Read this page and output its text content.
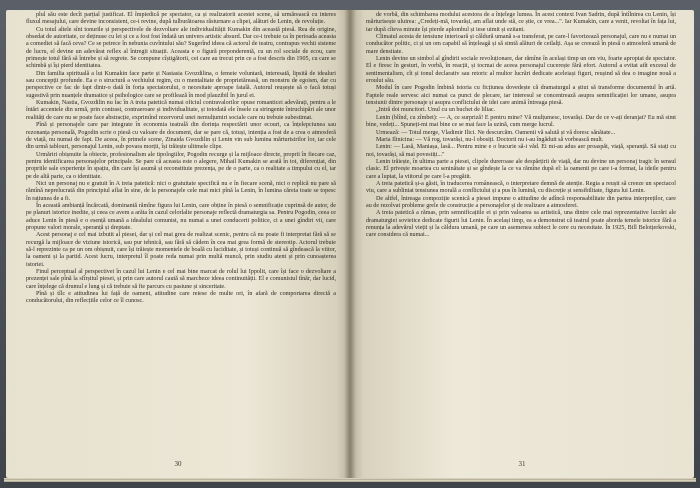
plul său este decît parțial justificat. El împiedică pe spectator, ca și realizatorii acestei scene, să urmărească cu interes fluxul mesajului, care devine inconsistent, ce-i revine, după tulburătoarea răsturnare a clipei, alături de Lenin, de revoluție.

Cu totul altele sînt tonurile și perspectivele de dezvoltare ale individualității Kumakin din această piesă. Rea de origine, obsedat de autoritate, ce deținuse cu lei și ce a fost fost îndată un univers artistic absurd. Dar ce-i trebuie ca în perioada aceasta a comediei să facă ceva? Ce se petrece în nebunia cuvîntului său? Sugerînd ideea că actorul de teatru, contrapus vechii sisteme de lucru, el devine un adevărat reflex al întregii situații. Aceasta e o figură preponderentă, cu un rol sociale de ecou, care primește totul fără să întrebe și să regrete. Se compune cîștigătorii, cei care au trecut prin ce a fost descris din 1905, cu care se schimbă și își pierd identitatea.

Din familia spirituală a lui Kumakin face parte și Nastasia Gvozdilina, o femeie voluntară, interesată, lipsită de idealuri sau concepții profunde. Ea e o structură a vechiului regim, cu o mentalitate de proprietăreasă, un monstru de egoism, dar cu perspective ce fac de fapt dintr-o dată în forța spectatorului, o necesitate aproape fatală. Autorul reușește să o facă totuși sugestivă prin nuanțele dramatice și psihologice care se profilează în mod plauzibil în jurul ei.

Kumakin, Nastia, Gvozdilin nu fac în A treia patetică numai oficiul contravalorilor opuse romanticei adevărați, pentru a le întări accentele din urmă, prin contrast, contraeroare și individualitate, și totodată ele însele ca stringente întruchipări ale unor realități de care nu se poate face abstracție, exprimînd rezervorul unei nemulțumiri sociale care nu trebuie subestimat.

Pînă și personajele care par integrate în economia teatrală din dorința respectării unor ecouri, ca înțelepciunea sau rezonanța personală, Pogodin scrie o piesă cu valoare de document, dar se pare că, totuși, intenția a fost de a crea o atmosferă de viață, nu numai de fapt. De aceea, în primele scene, Zinaida Gvozdilin și Lenin vin sub lumina mărturisirilor lor, iar cele din urmă tablouri, personajul Lenin, sub povara morții, își trăiește ultimele clipe.

Urmăriri obișnuite la obiecte, profesionalism ale tipologiilor, Pogodin recurge și la mijloace directe, proprii în fiecare caz, pentru identificarea personajelor principale. Se pare că aceasta este o alegere, Mihail Kumakin se arată în tot, diferențiat, din propriile sale experiențe în spațiu, din care își asumă și reconstituie prezența, pe de o parte, ca o realitate a timpului cu el, iar pe de altă parte, ca o identitate.

Nici un personaj nu e gratuit în A treia patetică: nici o gratuitate specifică nu e în fiecare scenă, nici o replică nu pare să rămînă neprelucrată din principiul aflat în sine, de la personajele cele mai mici pînă la Lenin, în lumina căreia toate se topesc în rațiunea de a fi.

În această ambianță încărcată, dominantă rămîne figura lui Lenin, care obține în piesă o semnificație cuprinsă de autor, de pe planuri istorice inedite, și ceea ce avem a arăta în cazul celorlalte personaje reflectă dramaturgia sa. Pentru Pogodin, ceea ce aduce Lenin în piesă e o esență umană a idealului comunist, nu numai a unei conducerii politice, ci a unei gîndiri vii, care propune valori morale, speranță și dreptate.

Acest personaj e cel mai izbutit al piesei, dar și cel mai greu de realizat scenic, pentru că nu poate fi interpretat fără să se recurgă la mijloace de viziune istorică, sau pur tehnică, sau fără să cădem în cea mai grea formă de stereotip. Actorul trebuie să-l reprezinte ca pe un om obișnuit, care își trăiește momentele de boală cu luciditate, și totuși continuă să gîndească la viitor, la oameni și la partid. Acest lucru, interpretul îl poate reda numai prin multă muncă, prin studiu atent și prin cunoașterea istoriei.

Finul perceptual al perspectivei în cazul lui Lenin e cel mai bine marcat de rolul lui Ippolit, care își face o dezvoltare a prezenței sale pînă la sfîrșitul piesei, și prin care autorul caută să marcheze ideea continuității. El e comunistul tînăr, dar lucid, care înțelege că drumul e lung și că trebuie să fie parcurs cu pasiune și sinceritate.

Pînă și tîlc e atitudinea lui față de oameni, atitudine care reiese de multe ori, în afară de comportarea directă a conducătorului, din reflecțiile celor ce îl cunosc.

30

de vorbă, din schimbarea modului acestora de a înțelege lumea. În acest context Ivan Sadrin, după întîlnirea cu Lenin, își mărturisește uluirea: „Credeți-mă, tovarăși, am aflat unde stă, ce știe, ce vrea...". Iar Kumakin, care a venit, revoltat în fața lui, iar după cîteva minute își pierde aplombul și iese uimit și ezitant.

Climatul acesta de tensiune interioară și căldură umană s-a transferat, pe care-l favorizează personajul, care nu e numai un conducător politic, ci și un om capabil să înțeleagă și să simtă alături de ceilalți. Așa se creează în piesă o atmosferă umană de mare densitate.

Lenin devine un simbol al gîndirii sociale revoluționare, dar rămîne în același timp un om viu, foarte apropiat de spectator. El e firesc în gesturi, în vorbă, în reacții, și tocmai de aceea personajul cucerește fără efort. Autorul a evitat atît excesul de sentimentalism, cît și tonul declarativ sau retoric al multor lucrări dedicate aceleiași figuri, reușind să dea o imagine nouă a eroului său.

Modul în care Pogodin îmbină istoria cu ficțiunea dovedește că dramaturgul a știut să transforme documentul în artă. Faptele reale servesc aici numai ca punct de plecare, iar interesul se concentrează asupra semnificației lor umane, asupra tensiunii dintre personaje și asupra conflictului de idei care animă întreaga piesă.

„Intră doi muncitori. Unul cu un buchet de liliac.

Lenin (blînd, cu zîmbet): — A, ce surpriză! E pentru mine? Vă mulțumesc, tovarăși. Dar de ce v-ați deranjat? Eu mă simt bine, vedeți... Spuneți-mi mai bine ce se mai face la uzină, cum merge lucrul.

Urmează: — Totul merge, Vladimir Ilici. Ne descurcăm. Oamenii vă salută și vă doresc sănătate...

Maria Ilinicina: — Vă rog, tovarăși, nu-l obosiți. Doctorii nu i-au îngăduit să vorbească mult.

Lenin: — Lasă, Maniașa, lasă... Pentru mine e o bucurie să-i văd. Ei mi-au adus aer proaspăt, viață, speranță. Să stați cu noi, tovarăși, să mai povestiți..."

Lenin trăiește, în ultima parte a piesei, clipele dureroase ale despărțirii de viață, dar nu devine un personaj tragic în sensul clasic. El privește moartea cu seninătate și se gîndește la ce va rămîne după el: la oamenii pe care i-a format, la ideile pentru care a luptat, la viitorul pe care l-a pregătit.

A treia patetică și-a găsit, în traducerea românească, o interpretare demnă de atenție. Regia a reușit să creeze un spectacol viu, care a subliniat tensiunea morală a conflictului și a pus în lumină, cu discreție și sensibilitate, figura lui Lenin.

De altfel, întreaga compoziție scenică a piesei impune o atitudine de adîncă responsabilitate din partea interpreților, care au de rezolvat probleme grele de construcție a personajelor și de realizare a atmosferei.

A treia patetică a rămas, prin semnificațiile ei și prin valoarea sa artistică, una dintre cele mai reprezentative lucrări ale dramaturgiei sovietice dedicate figurii lui Lenin. În același timp, ea a demonstrat că teatrul poate aborda temele istorice fără a renunța la adevărul vieții și la căldura umană, pe care un asemenea subiect le cere cu necesitate. În 1925, Bill Belotțerkovski, care considera că numai...

31
